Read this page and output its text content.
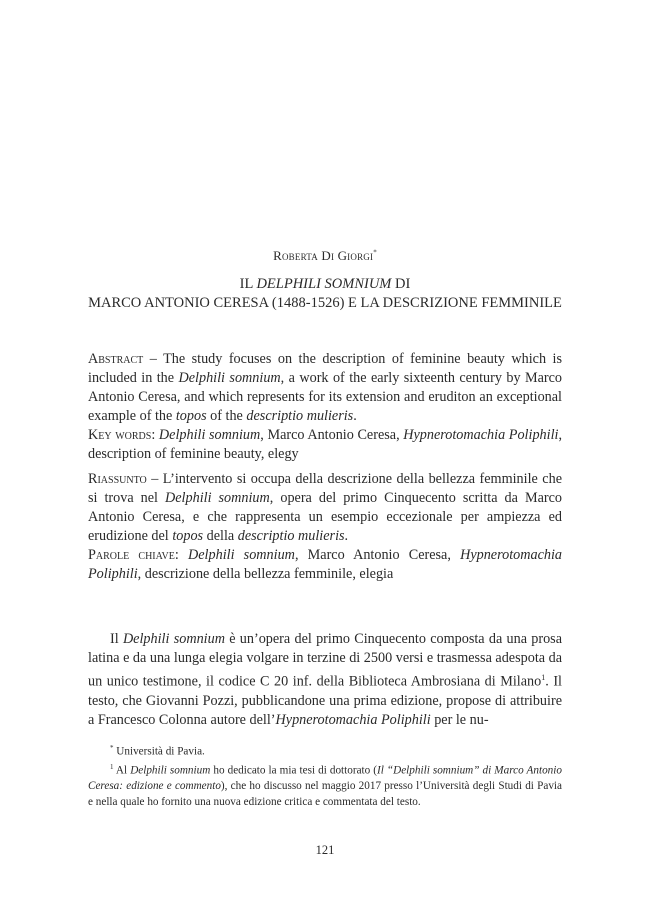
Roberta Di Giorgi*
IL DELPHILI SOMNIUM DI
MARCO ANTONIO CERESA (1488-1526) E LA DESCRIZIONE FEMMINILE
Abstract – The study focuses on the description of feminine beauty which is included in the Delphili somnium, a work of the early sixteenth century by Marco Antonio Ceresa, and which represents for its extension and eruditon an exceptional example of the topos of the descriptio mulieris.
Key words: Delphili somnium, Marco Antonio Ceresa, Hypnerotomachia Poliphili, description of feminine beauty, elegy
Riassunto – L’intervento si occupa della descrizione della bellezza femminile che si trova nel Delphili somnium, opera del primo Cinquecento scritta da Marco Antonio Ceresa, e che rappresenta un esempio eccezionale per ampiezza ed erudizione del topos della descriptio mulieris.
Parole chiave: Delphili somnium, Marco Antonio Ceresa, Hypnerotomachia Poliphili, descrizione della bellezza femminile, elegia

Il Delphili somnium è un’opera del primo Cinquecento composta da una prosa latina e da una lunga elegia volgare in terzine di 2500 versi e trasmessa adespota da un unico testimone, il codice C 20 inf. della Biblioteca Ambrosiana di Milano$^1$. Il testo, che Giovanni Pozzi, pubblicandone una prima edizione, propose di attribuire a Francesco Colonna autore dell’Hypnerotomachia Poliphili per le nu-

* Università di Pavia.

$^1$ Al Delphili somnium ho dedicato la mia tesi di dottorato (Il “Delphili somnium” di Marco Antonio Ceresa: edizione e commento), che ho discusso nel maggio 2017 presso l’Università degli Studi di Pavia e nella quale ho fornito una nuova edizione critica e commentata del testo.

121
